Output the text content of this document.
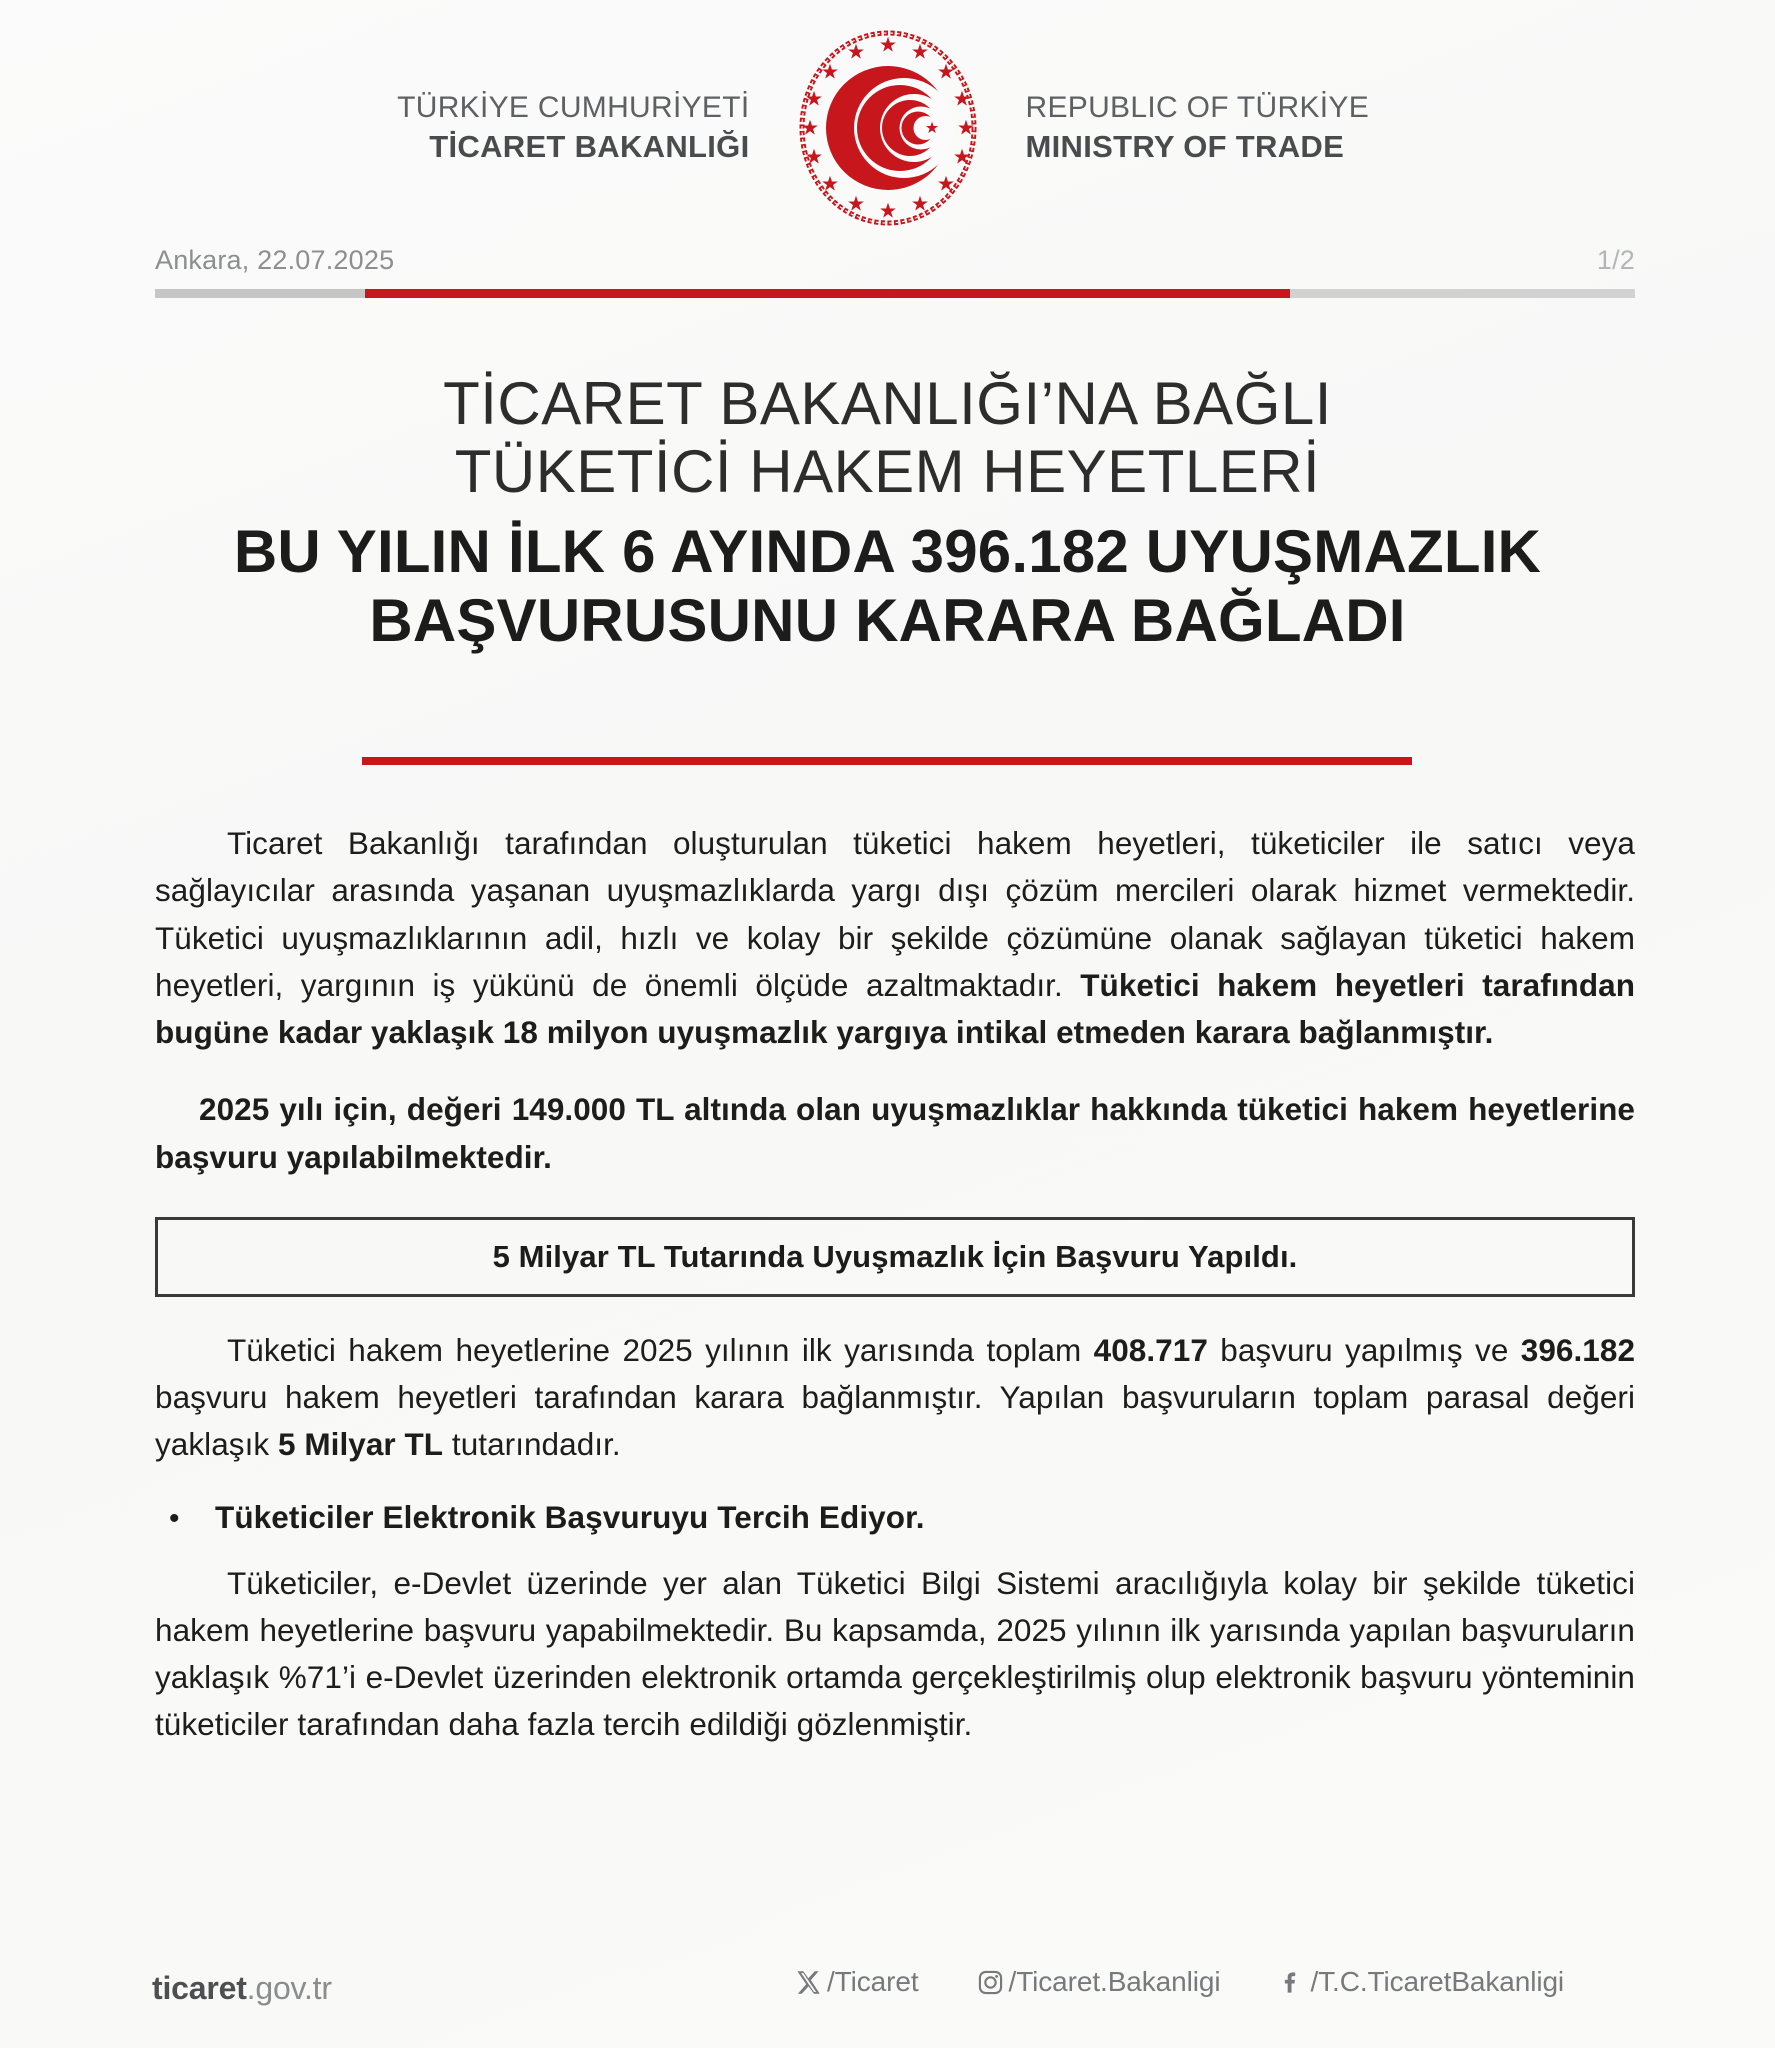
TÜRKİYE CUMHURİYETİ
TİCARET BAKANLIĞI
REPUBLIC OF TÜRKİYE
MINISTRY OF TRADE
Ankara, 22.07.2025	1/2
TİCARET BAKANLIĞI’NA BAĞLI
TÜKETİCİ HAKEM HEYETLERİ
BU YILIN İLK 6 AYINDA 396.182 UYUŞMAZLIK
BAŞVURUSUNU KARARA BAĞLADI

Ticaret Bakanlığı tarafından oluşturulan tüketici hakem heyetleri, tüketiciler ile satıcı veya sağlayıcılar arasında yaşanan uyuşmazlıklarda yargı dışı çözüm mercileri olarak hizmet vermektedir. Tüketici uyuşmazlıklarının adil, hızlı ve kolay bir şekilde çözümüne olanak sağlayan tüketici hakem heyetleri, yargının iş yükünü de önemli ölçüde azaltmaktadır. Tüketici hakem heyetleri tarafından bugüne kadar yaklaşık 18 milyon uyuşmazlık yargıya intikal etmeden karara bağlanmıştır.

2025 yılı için, değeri 149.000 TL altında olan uyuşmazlıklar hakkında tüketici hakem heyetlerine başvuru yapılabilmektedir.

5 Milyar TL Tutarında Uyuşmazlık İçin Başvuru Yapıldı.

Tüketici hakem heyetlerine 2025 yılının ilk yarısında toplam 408.717 başvuru yapılmış ve 396.182 başvuru hakem heyetleri tarafından karara bağlanmıştır. Yapılan başvuruların toplam parasal değeri yaklaşık 5 Milyar TL tutarındadır.

•	Tüketiciler Elektronik Başvuruyu Tercih Ediyor.

Tüketiciler, e-Devlet üzerinde yer alan Tüketici Bilgi Sistemi aracılığıyla kolay bir şekilde tüketici hakem heyetlerine başvuru yapabilmektedir. Bu kapsamda, 2025 yılının ilk yarısında yapılan başvuruların yaklaşık %71’i e-Devlet üzerinden elektronik ortamda gerçekleştirilmiş olup elektronik başvuru yönteminin tüketiciler tarafından daha fazla tercih edildiği gözlenmiştir.

ticaret.gov.tr	/Ticaret	/Ticaret.Bakanligi	/T.C.TicaretBakanligi
